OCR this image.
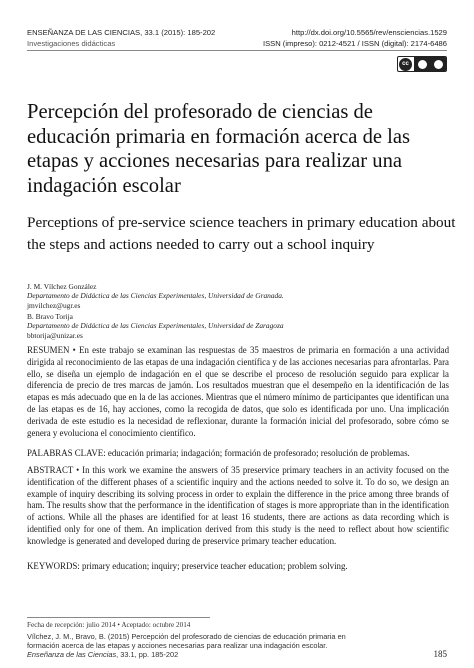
ENSEÑANZA DE LAS CIENCIAS, 33.1 (2015): 185-202
Investigaciones didácticas
http://dx.doi.org/10.5565/rev/ensciencias.1529
ISSN (impreso): 0212-4521 / ISSN (digital): 2174-6486
cc
Percepción del profesorado de ciencias de educación primaria en formación acerca de las etapas y acciones necesarias para realizar una indagación escolar
Perceptions of pre-service science teachers in primary education about the steps and actions needed to carry out a school inquiry
J. M. Vílchez González
Departamento de Didáctica de las Ciencias Experimentales, Universidad de Granada.
jmvilchez@ugr.es
B. Bravo Torija
Departamento de Didáctica de las Ciencias Experimentales, Universidad de Zaragoza
bbtorija@unizar.es

RESUMEN • En este trabajo se examinan las respuestas de 35 maestros de primaria en formación a una actividad dirigida al reconocimiento de las etapas de una indagación científica y de las acciones necesarias para afrontarlas. Para ello, se diseña un ejemplo de indagación en el que se describe el proceso de resolución seguido para explicar la diferencia de precio de tres marcas de jamón. Los resultados muestran que el desempeño en la identificación de las etapas es más adecuado que en la de las acciones. Mientras que el número mínimo de participantes que identifican una de las etapas es de 16, hay acciones, como la recogida de datos, que solo es identificada por uno. Una implicación derivada de este estudio es la necesidad de reflexionar, durante la formación inicial del profesorado, sobre cómo se genera y evoluciona el conocimiento científico.

PALABRAS CLAVE: educación primaria; indagación; formación de profesorado; resolución de problemas.

ABSTRACT • In this work we examine the answers of 35 preservice primary teachers in an activity focused on the identification of the different phases of a scientific inquiry and the actions needed to solve it. To do so, we design an example of inquiry describing its solving process in order to explain the difference in the price among three brands of ham. The results show that the performance in the identification of stages is more appropriate than in the identification of actions. While all the phases are identified for at least 16 students, there are actions as data recording which is identified only for one of them. An implication derived from this study is the need to reflect about how scientific knowledge is generated and developed during de preservice primary teacher education.

KEYWORDS: primary education; inquiry; preservice teacher education; problem solving.

Fecha de recepción: julio 2014 • Aceptado: octubre 2014
Vílchez, J. M., Bravo, B. (2015) Percepción del profesorado de ciencias de educación primaria en formación acerca de las etapas y acciones necesarias para realizar una indagación escolar. Enseñanza de las Ciencias, 33.1, pp. 185-202	185
